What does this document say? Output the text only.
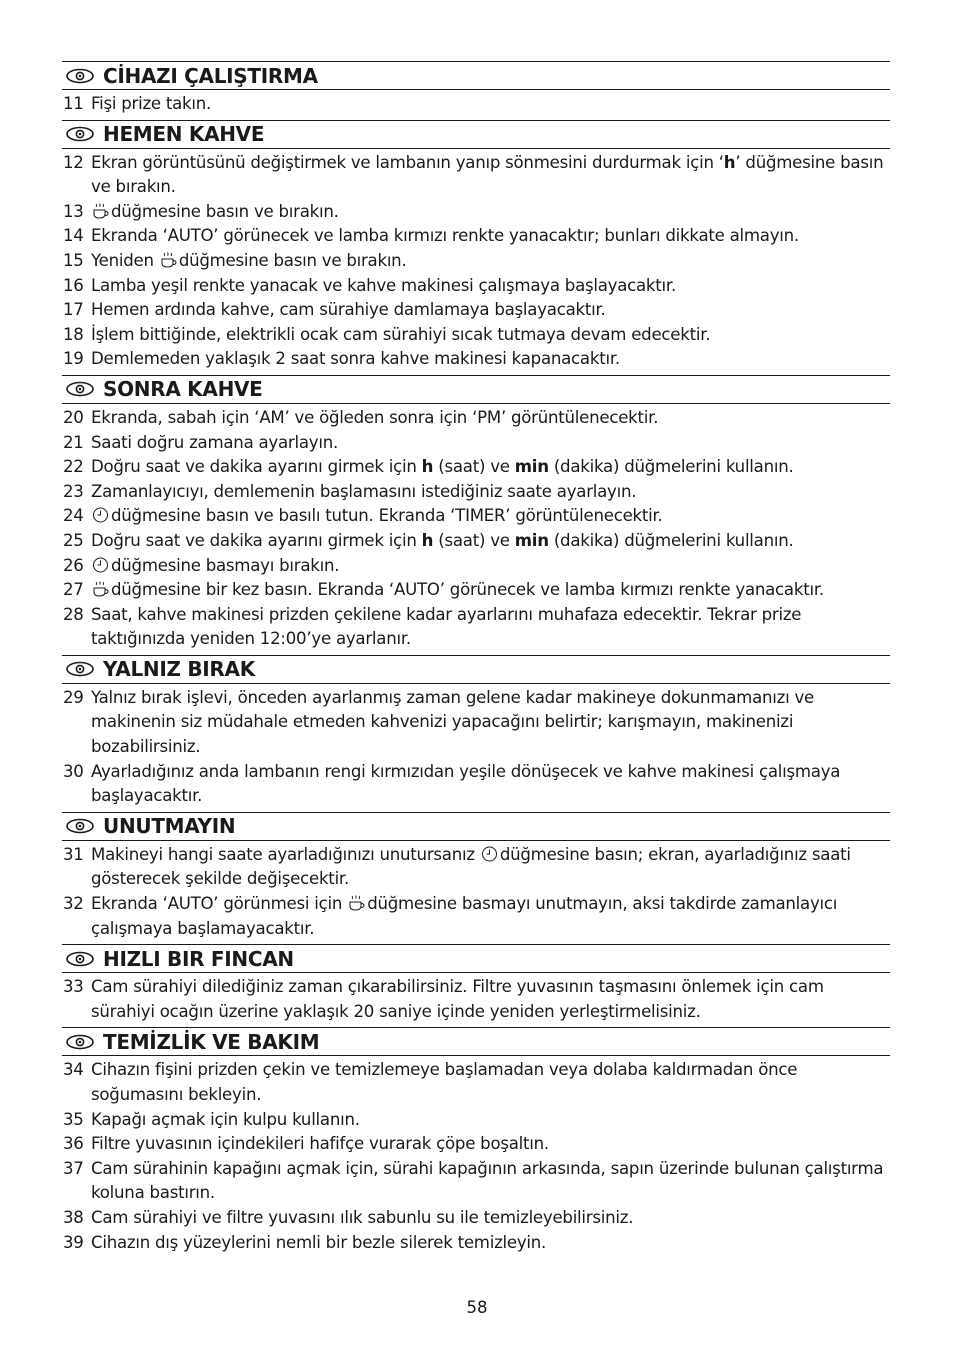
CİHAZI ÇALIŞTIRMA
11 Fişi prize takın.
HEMEN KAHVE
12 Ekran görüntüsünü değiştirmek ve lambanın yanıp sönmesini durdurmak için ‘h’ düğmesine basın ve bırakın.
13	düğmesine basın ve bırakın.
14 Ekranda ‘AUTO’ görünecek ve lamba kırmızı renkte yanacaktır; bunları dikkate almayın.
15 Yeniden düğmesine basın ve bırakın.
16 Lamba yeşil renkte yanacak ve kahve makinesi çalışmaya başlayacaktır.
17 Hemen ardında kahve, cam sürahiye damlamaya başlayacaktır.
18 İşlem bittiğinde, elektrikli ocak cam sürahiyi sıcak tutmaya devam edecektir.
19 Demlemeden yaklaşık 2 saat sonra kahve makinesi kapanacaktır.
SONRA KAHVE
20 Ekranda, sabah için ‘AM’ ve öğleden sonra için ‘PM’ görüntülenecektir.
21 Saati doğru zamana ayarlayın.
22 Doğru saat ve dakika ayarını girmek için h (saat) ve min (dakika) düğmelerini kullanın.
23 Zamanlayıcıyı, demlemenin başlamasını istediğiniz saate ayarlayın.
24	düğmesine basın ve basılı tutun. Ekranda ‘TIMER’ görüntülenecektir.
25 Doğru saat ve dakika ayarını girmek için h (saat) ve min (dakika) düğmelerini kullanın.
26	düğmesine basmayı bırakın.
27	düğmesine bir kez basın. Ekranda ‘AUTO’ görünecek ve lamba kırmızı renkte yanacaktır.
28 Saat, kahve makinesi prizden çekilene kadar ayarlarını muhafaza edecektir. Tekrar prize taktığınızda yeniden 12:00’ye ayarlanır.
YALNIZ BIRAK
29 Yalnız bırak işlevi, önceden ayarlanmış zaman gelene kadar makineye dokunmamanızı ve makinenin siz müdahale etmeden kahvenizi yapacağını belirtir; karışmayın, makinenizi bozabilirsiniz.
30 Ayarladığınız anda lambanın rengi kırmızıdan yeşile dönüşecek ve kahve makinesi çalışmaya başlayacaktır.
UNUTMAYIN
31 Makineyi hangi saate ayarladığınızı unutursanız düğmesine basın; ekran, ayarladığınız saati gösterecek şekilde değişecektir.
32 Ekranda ‘AUTO’ görünmesi için düğmesine basmayı unutmayın, aksi takdirde zamanlayıcı çalışmaya başlamayacaktır.
HIZLI BIR FINCAN
33 Cam sürahiyi dilediğiniz zaman çıkarabilirsiniz. Filtre yuvasının taşmasını önlemek için cam sürahiyi ocağın üzerine yaklaşık 20 saniye içinde yeniden yerleştirmelisiniz.
TEMİZLİK VE BAKIM
34 Cihazın fişini prizden çekin ve temizlemeye başlamadan veya dolaba kaldırmadan önce soğumasını bekleyin.
35 Kapağı açmak için kulpu kullanın.
36 Filtre yuvasının içindekileri hafifçe vurarak çöpe boşaltın.
37 Cam sürahinin kapağını açmak için, sürahi kapağının arkasında, sapın üzerinde bulunan çalıştırma koluna bastırın.
38 Cam sürahiyi ve filtre yuvasını ılık sabunlu su ile temizleyebilirsiniz.
39 Cihazın dış yüzeylerini nemli bir bezle silerek temizleyin.
58
